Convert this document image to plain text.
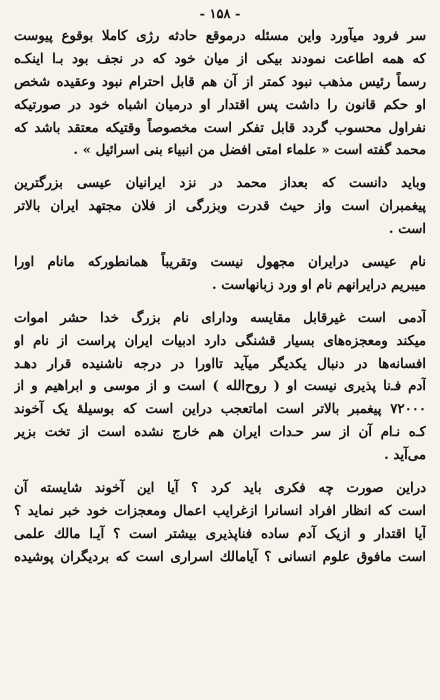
- ۱۵۸ -
سر فرود میآورد واین مسئله درموقع حادثه رژی کاملا بوقوع پیوست
که همه اطاعت نمودند بیکی از میان خود که در نجف بود بـ‌ا اینکـ‌ه
رسماً رئیس مذهب نبود کمتر از آن هم قابل احترام نبود وعقیده شخص
او حکم قانون را داشت پس اقتدار او درمیان اشباه خود در صورتیکه
نفراول محسوب گردد قابل تفکر است مخصوصاً وقتیکه معتقد باشد که
محمد گفته است « علماء امتی افضل من انبیاء بنی اسرائیل » .
وباید دانست که بعداز محمد در نزد ایرانیان عیسی بزرگترین
پیغمبران است واز حیث قدرت وبزرگی از فلان مجتهد ایران بالاتر
است .
نام عیسی درایران مجهول نیست وتقریباً همانطورکه مانام اورا
میبریم درایرانهم نام او ورد زبانهاست .
آدمی است غیرقابل مقایسه ودارای نام بزرگ خدا حشر اموات
میکند ومعجزه‌های بسیار قشنگی دارد ادبیات ایران پراست از نام او
افسانه‌ها در دنبال یکدیگر میآید تااورا در درجه ناشنیده قرار دهـ‌د
آدم فـ‌نا پذیری نیست او ( روح‌الله ) است و از موسی و ابراهیم و از
۷۲۰۰۰ پیغمبر بالاتر است اماتعجب دراین است که بوسیلۀ یک آخوند
کـ‌ه نـ‌ام آن از سر حـ‌دات ایران هم خارج نشده است از تخت بزیر
می‌آید .
دراین صورت چه فکری باید کرد ؟ آیا این آخوند شایسته آن
است که انظار افراد انسانرا ازغرایب اعمال ومعجزات خود خبر نماید ؟
آیا اقتدار و ازیک آدم ساده فناپذیری بیشتر است ؟ آیـ‌ا مالك علمی
است مافوق علوم انسانی ؟ آیامالك اسراری است که بردیگران پوشیده
